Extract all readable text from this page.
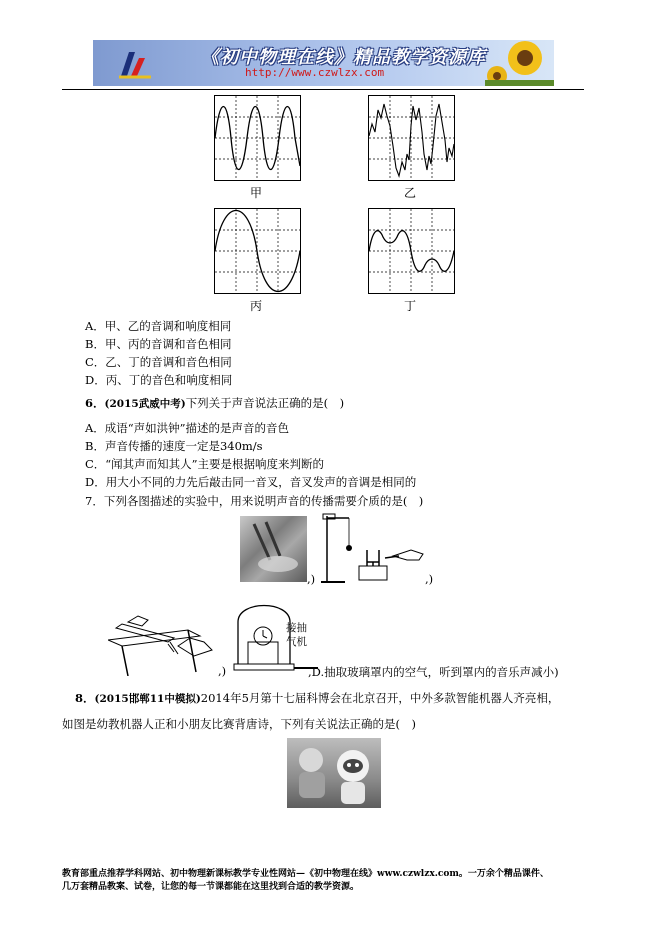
《初中物理在线》精品教学资源库
http://www.czwlzx.com
甲	乙
丙	丁
A．甲、乙的音调和响度相同
B．甲、丙的音调和音色相同
C．乙、丁的音调和音色相同
D．丙、丁的音色和响度相同
6．(2015武威中考)下列关于声音说法正确的是(　)
A．成语“声如洪钟”描述的是声音的音色
B．声音传播的速度一定是340m/s
C．“闻其声而知其人”主要是根据响度来判断的
D．用大小不同的力先后敲击同一音叉，音叉发声的音调是相同的
7．下列各图描述的实验中，用来说明声音的传播需要介质的是(　)
,)	,)
,)
接抽
气机
,D.抽取玻璃罩内的空气，听到罩内的音乐声减小)
8．(2015邯郸11中模拟)2014年5月第十七届科博会在北京召开，中外多款智能机器人齐亮相，
如图是幼教机器人正和小朋友比赛背唐诗，下列有关说法正确的是(　)
教育部重点推荐学科网站、初中物理新课标教学专业性网站—《初中物理在线》www.czwlzx.com。一万余个精品课件、
几万套精品教案、试卷，让您的每一节课都能在这里找到合适的教学资源。
